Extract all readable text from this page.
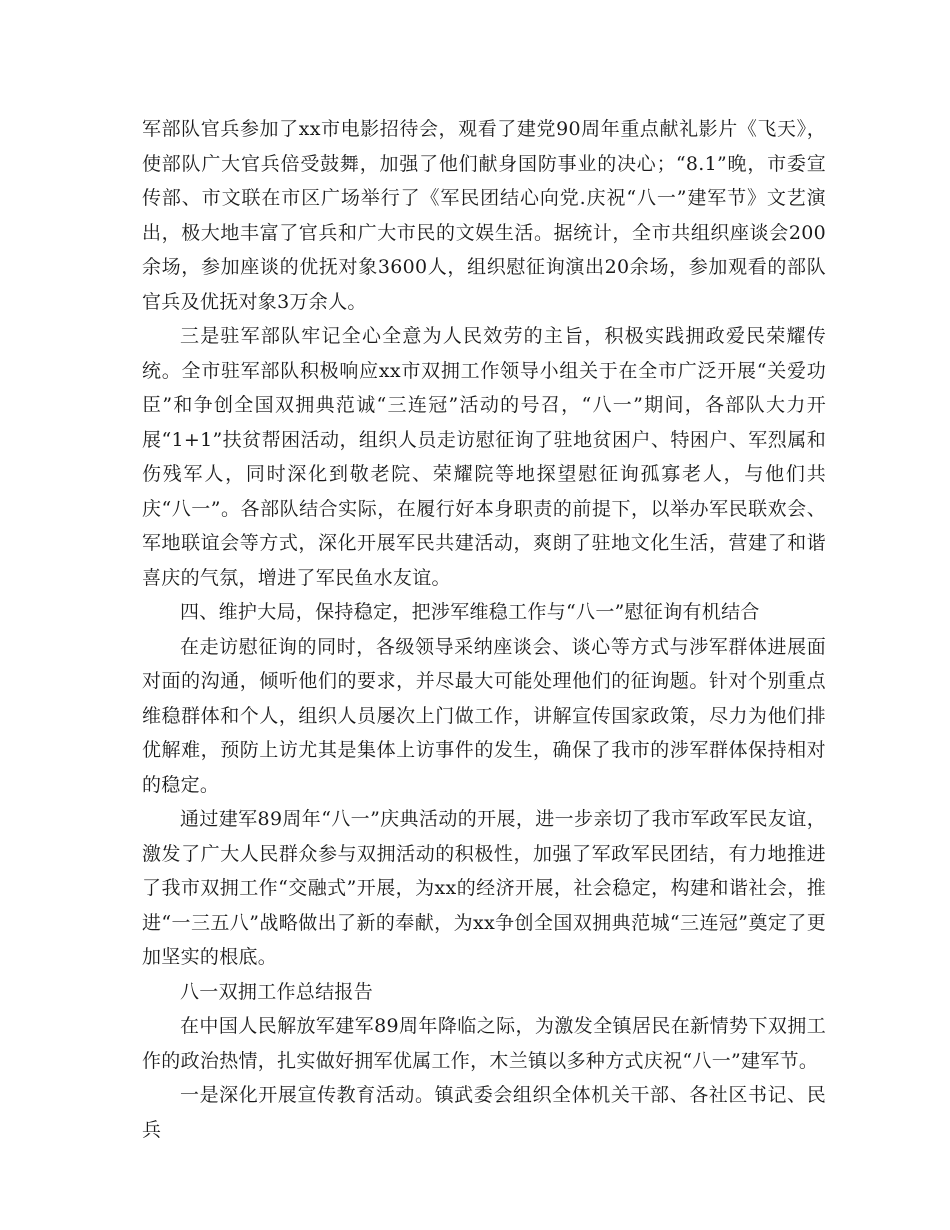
军部队官兵参加了xx市电影招待会，观看了建党90周年重点献礼影片《飞天》，使部队广大官兵倍受鼓舞，加强了他们献身国防事业的决心；“8.1”晚，市委宣传部、市文联在市区广场举行了《军民团结心向党.庆祝“八一”建军节》文艺演出，极大地丰富了官兵和广大市民的文娱生活。据统计，全市共组织座谈会200余场，参加座谈的优抚对象3600人，组织慰征询演出20余场，参加观看的部队官兵及优抚对象3万余人。

三是驻军部队牢记全心全意为人民效劳的主旨，积极实践拥政爱民荣耀传统。全市驻军部队积极响应xx市双拥工作领导小组关于在全市广泛开展“关爱功臣”和争创全国双拥典范诚“三连冠”活动的号召，“八一”期间，各部队大力开展“1+1”扶贫帮困活动，组织人员走访慰征询了驻地贫困户、特困户、军烈属和伤残军人，同时深化到敬老院、荣耀院等地探望慰征询孤寡老人，与他们共庆“八一”。各部队结合实际，在履行好本身职责的前提下，以举办军民联欢会、军地联谊会等方式，深化开展军民共建活动，爽朗了驻地文化生活，营建了和谐喜庆的气氛，增进了军民鱼水友谊。

四、维护大局，保持稳定，把涉军维稳工作与“八一”慰征询有机结合

在走访慰征询的同时，各级领导采纳座谈会、谈心等方式与涉军群体进展面对面的沟通，倾听他们的要求，并尽最大可能处理他们的征询题。针对个别重点维稳群体和个人，组织人员屡次上门做工作，讲解宣传国家政策，尽力为他们排优解难，预防上访尤其是集体上访事件的发生，确保了我市的涉军群体保持相对的稳定。

通过建军89周年“八一”庆典活动的开展，进一步亲切了我市军政军民友谊，激发了广大人民群众参与双拥活动的积极性，加强了军政军民团结，有力地推进了我市双拥工作“交融式”开展，为xx的经济开展，社会稳定，构建和谐社会，推进“一三五八”战略做出了新的奉献，为xx争创全国双拥典范城“三连冠”奠定了更加坚实的根底。

八一双拥工作总结报告

在中国人民解放军建军89周年降临之际，为激发全镇居民在新情势下双拥工作的政治热情，扎实做好拥军优属工作，木兰镇以多种方式庆祝“八一”建军节。

一是深化开展宣传教育活动。镇武委会组织全体机关干部、各社区书记、民兵
